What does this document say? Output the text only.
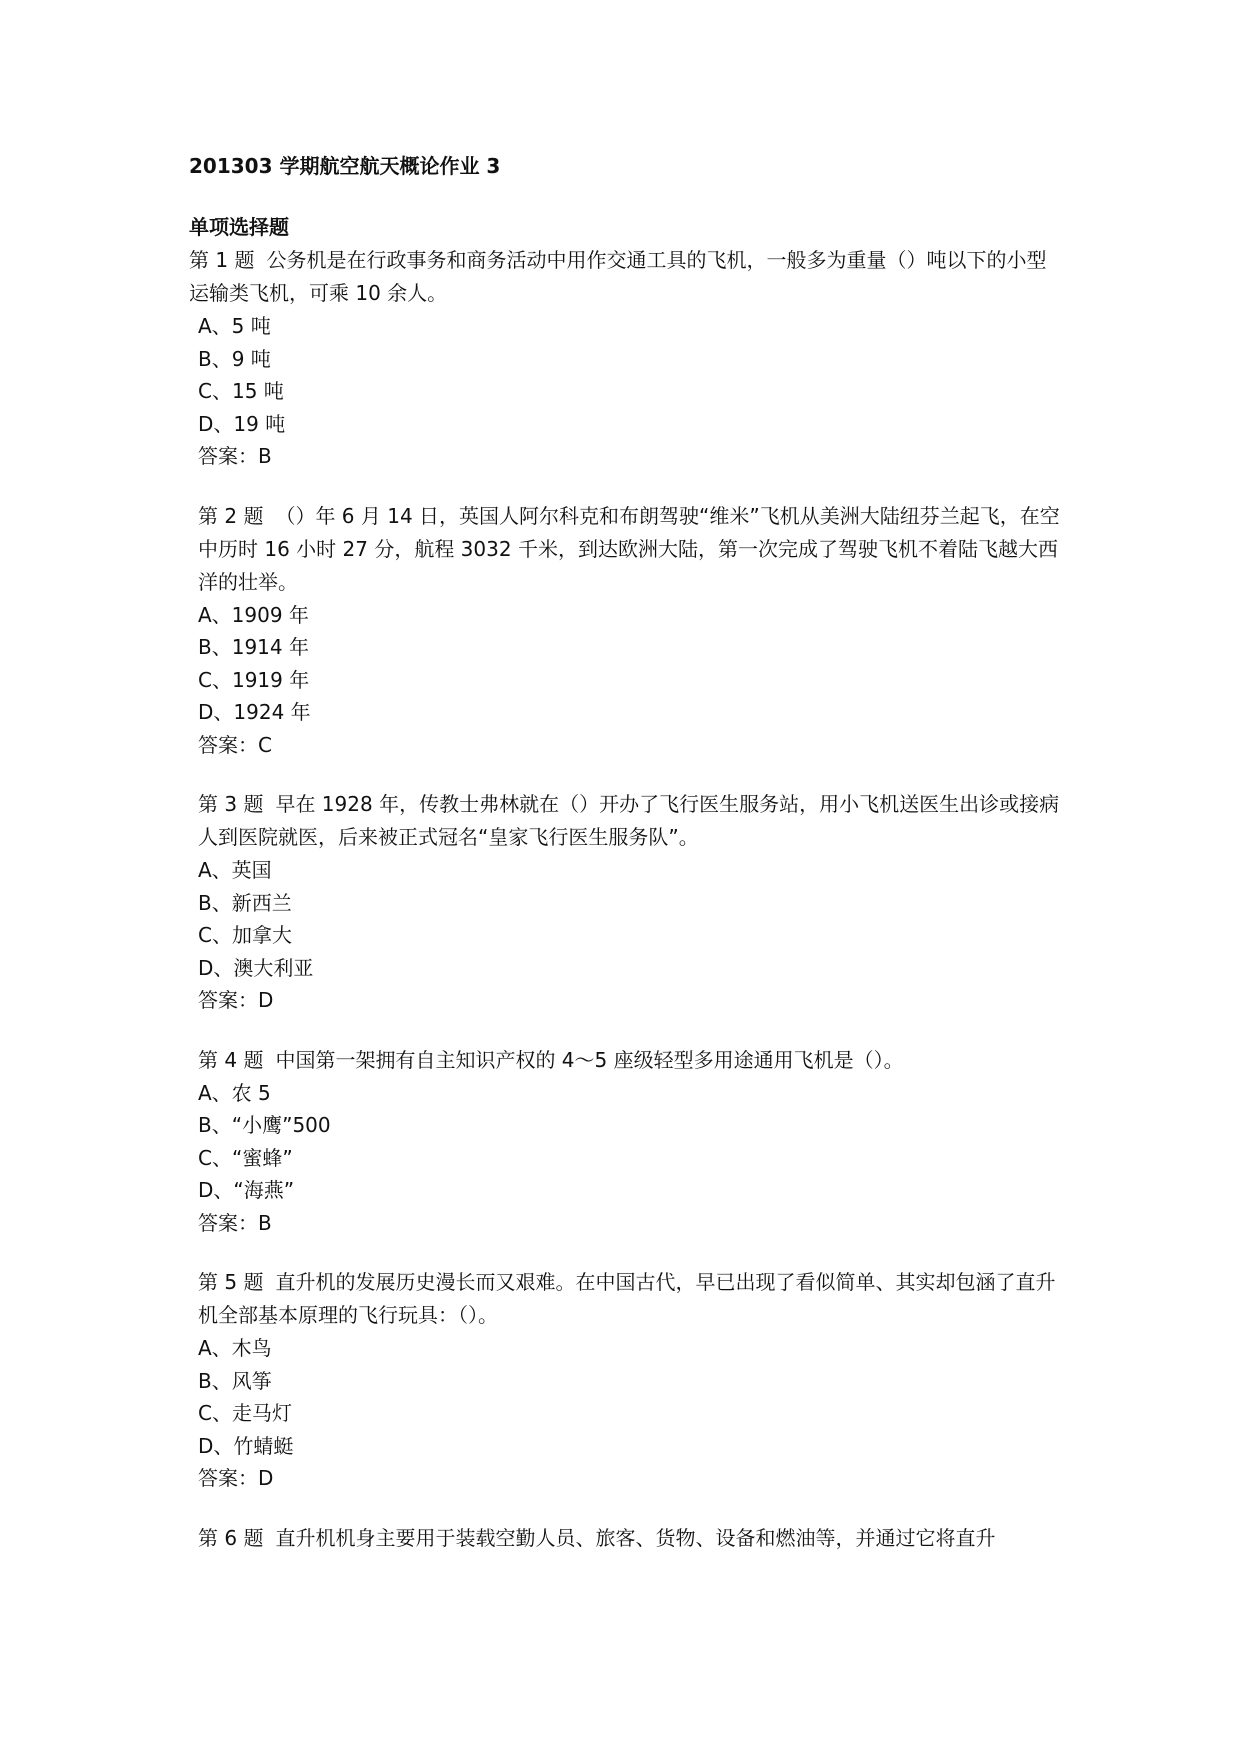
201303 学期航空航天概论作业 3

单项选择题

第 1 题 公务机是在行政事务和商务活动中用作交通工具的飞机，一般多为重量（）吨以下的小型运输类飞机，可乘 10 余人。

A、5 吨
B、9 吨
C、15 吨
D、19 吨

答案：B

第 2 题 （）年 6 月 14 日，英国人阿尔科克和布朗驾驶“维米”飞机从美洲大陆纽芬兰起飞，在空中历时 16 小时 27 分，航程 3032 千米，到达欧洲大陆，第一次完成了驾驶飞机不着陆飞越大西洋的壮举。

A、1909 年
B、1914 年
C、1919 年
D、1924 年

答案：C

第 3 题 早在 1928 年，传教士弗林就在（）开办了飞行医生服务站，用小飞机送医生出诊或接病人到医院就医，后来被正式冠名“皇家飞行医生服务队”。

A、英国
B、新西兰
C、加拿大
D、澳大利亚

答案：D

第 4 题 中国第一架拥有自主知识产权的 4～5 座级轻型多用途通用飞机是（）。

A、农 5
B、“小鹰”500
C、“蜜蜂”
D、“海燕”

答案：B

第 5 题 直升机的发展历史漫长而又艰难。在中国古代，早已出现了看似简单、其实却包涵了直升机全部基本原理的飞行玩具：（）。

A、木鸟
B、风筝
C、走马灯
D、竹蜻蜓

答案：D

第 6 题 直升机机身主要用于装载空勤人员、旅客、货物、设备和燃油等，并通过它将直升
